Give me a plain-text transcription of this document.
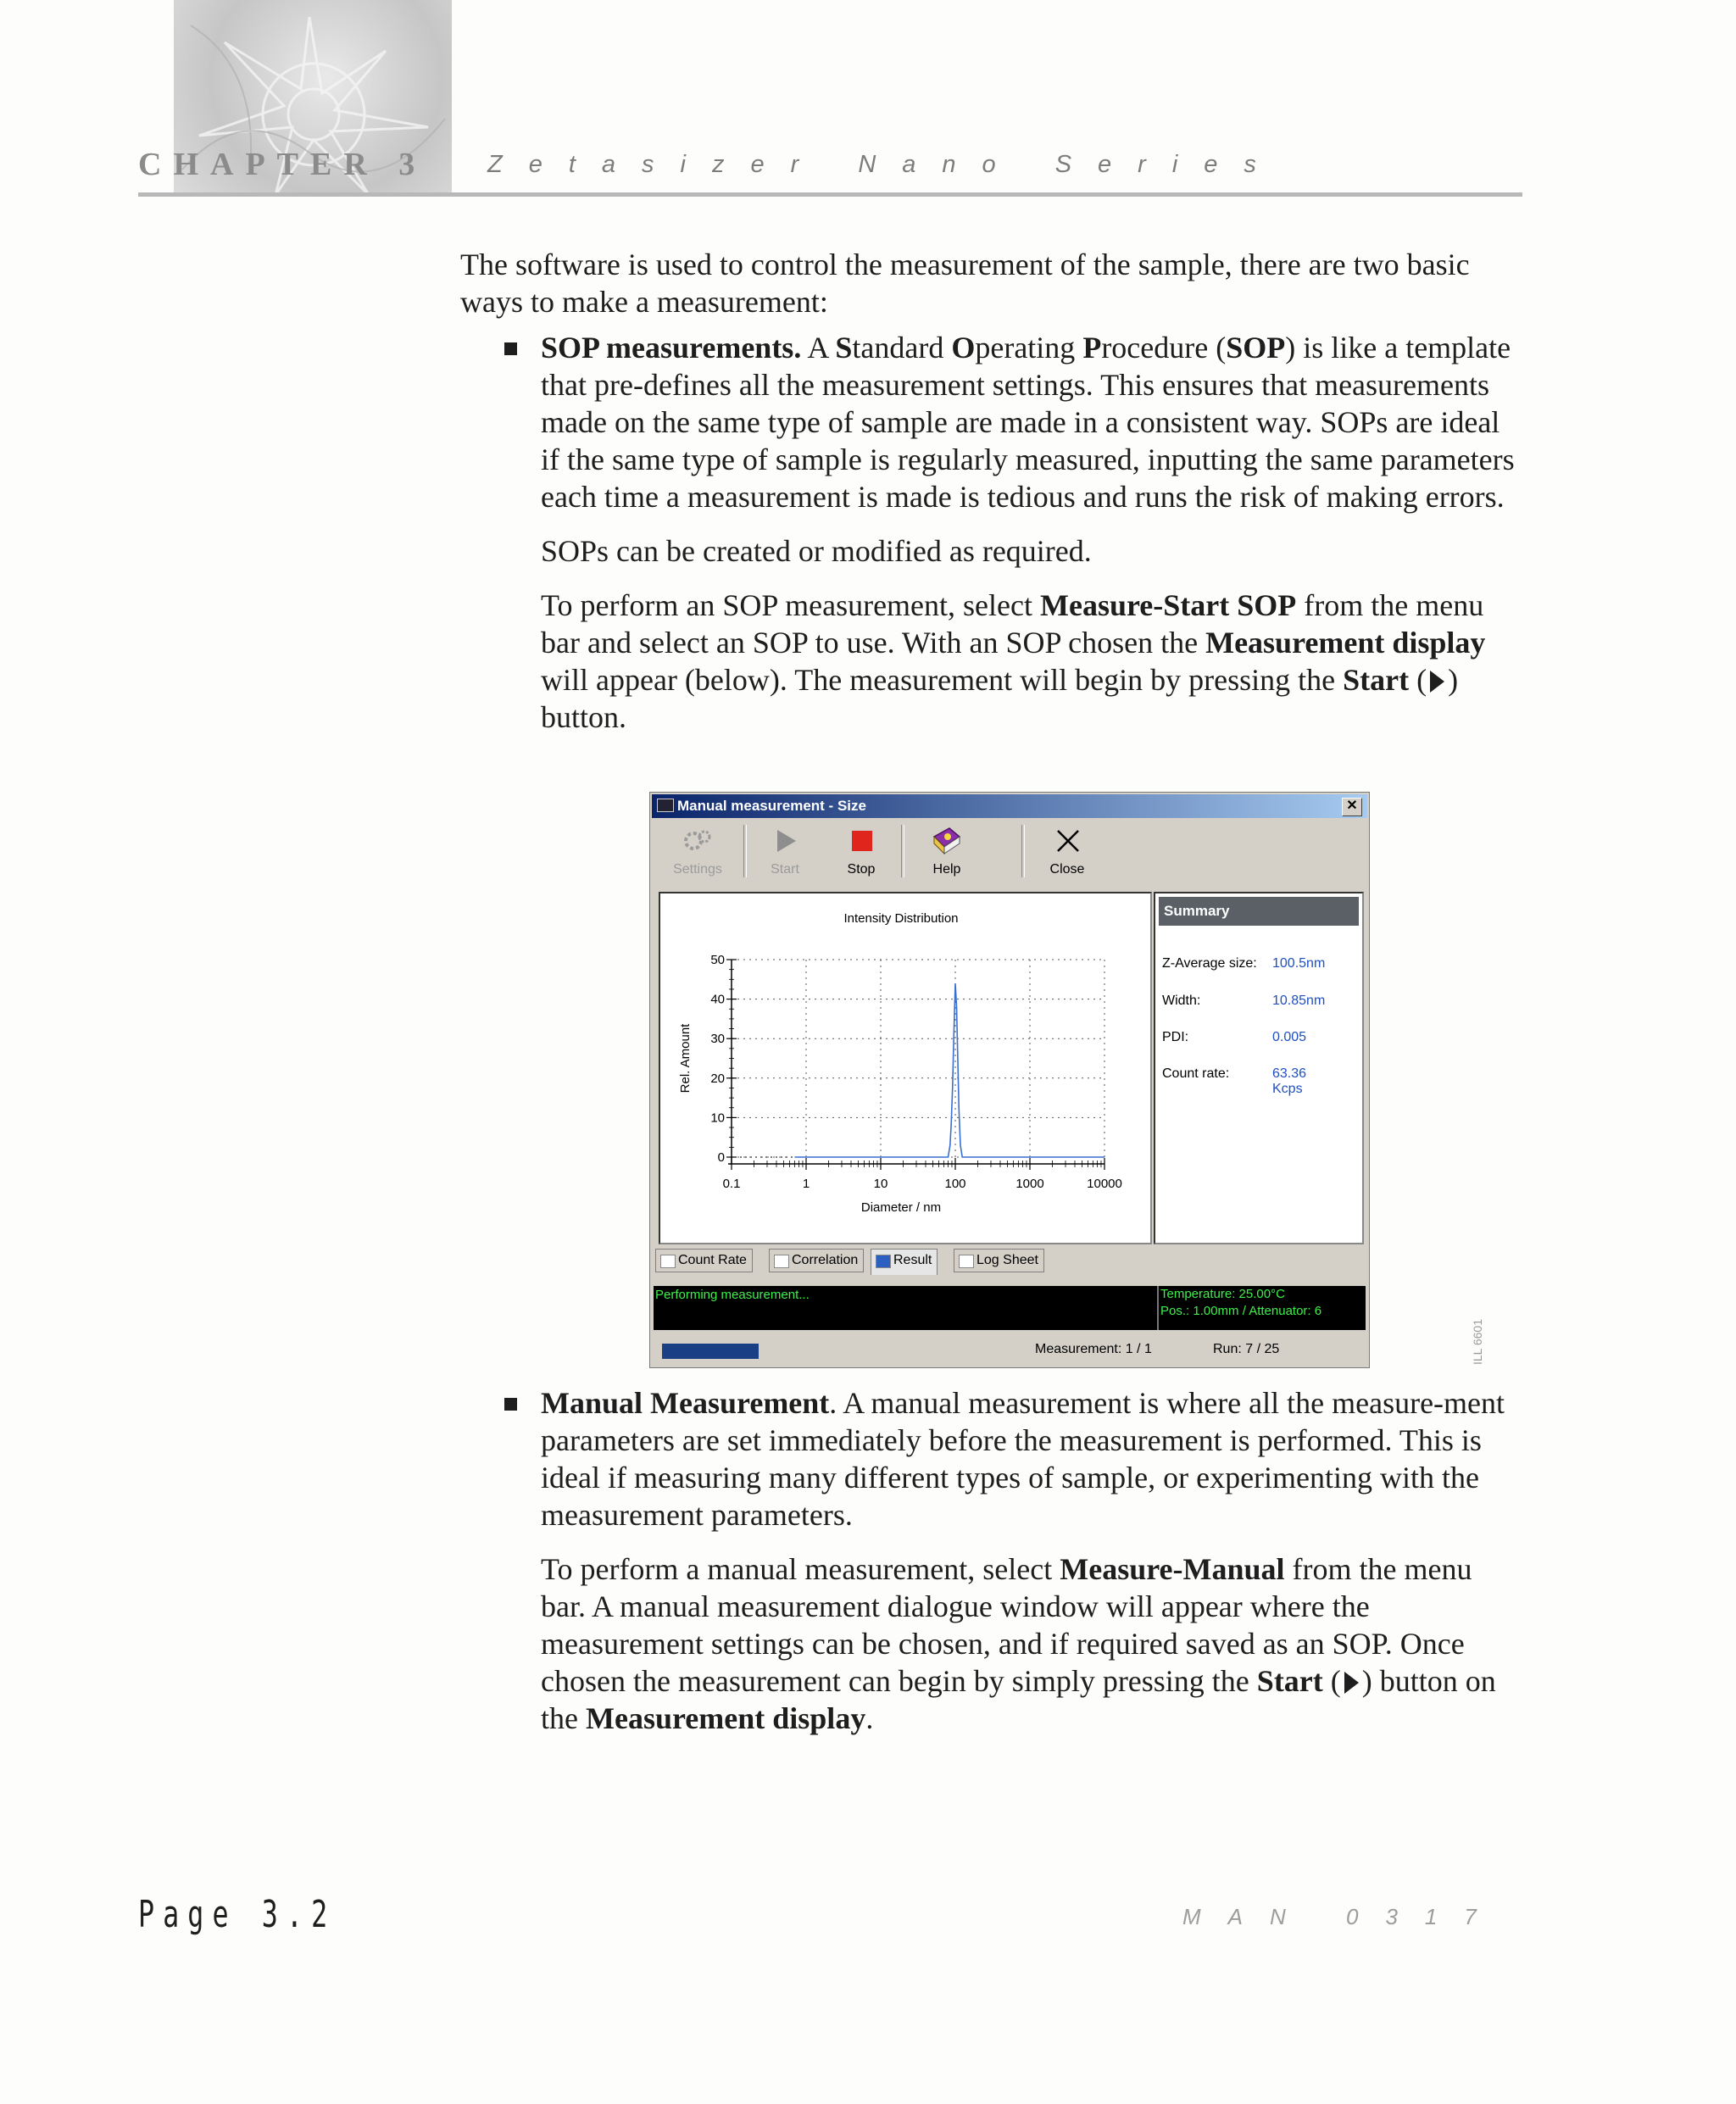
CHAPTER 3 Zetasizer Nano Series

The software is used to control the measurement of the sample, there are two basic ways to make a measurement:

SOP measurements. A Standard Operating Procedure (SOP) is like a template that pre-defines all the measurement settings. This ensures that measurements made on the same type of sample are made in a consistent way. SOPs are ideal if the same type of sample is regularly measured, inputting the same parameters each time a measurement is made is tedious and runs the risk of making errors.

SOPs can be created or modified as required.

To perform an SOP measurement, select Measure-Start SOP from the menu bar and select an SOP to use. With an SOP chosen the Measurement display will appear (below). The measurement will begin by pressing the Start ( ) button.

Manual measurement - Size	✕
Settings	Start	Stop	Help	Close
Intensity Distribution
0
10
20
30
40
50
0.1	1	10	100	1000	10000
Diameter / nm
Rel. Amount
Summary
Z-Average size: 100.5nm
Width:	10.85nm
PDI:	0.005
Count rate:	63.36 Kcps
Count Rate	Correlation	Result	Log Sheet
Performing measurement...	Temperature: 25.00°C
Pos.: 1.00mm / Attenuator: 6
Measurement: 1 / 1	Run: 7 / 25	ILL 6601

Manual Measurement. A manual measurement is where all the measure-ment parameters are set immediately before the measurement is performed. This is ideal if measuring many different types of sample, or experimenting with the measurement parameters.

To perform a manual measurement, select Measure-Manual from the menu bar. A manual measurement dialogue window will appear where the measurement settings can be chosen, and if required saved as an SOP. Once chosen the measurement can begin by simply pressing the Start ( ) button on the Measurement display.

Page 3.2	MAN 0317
